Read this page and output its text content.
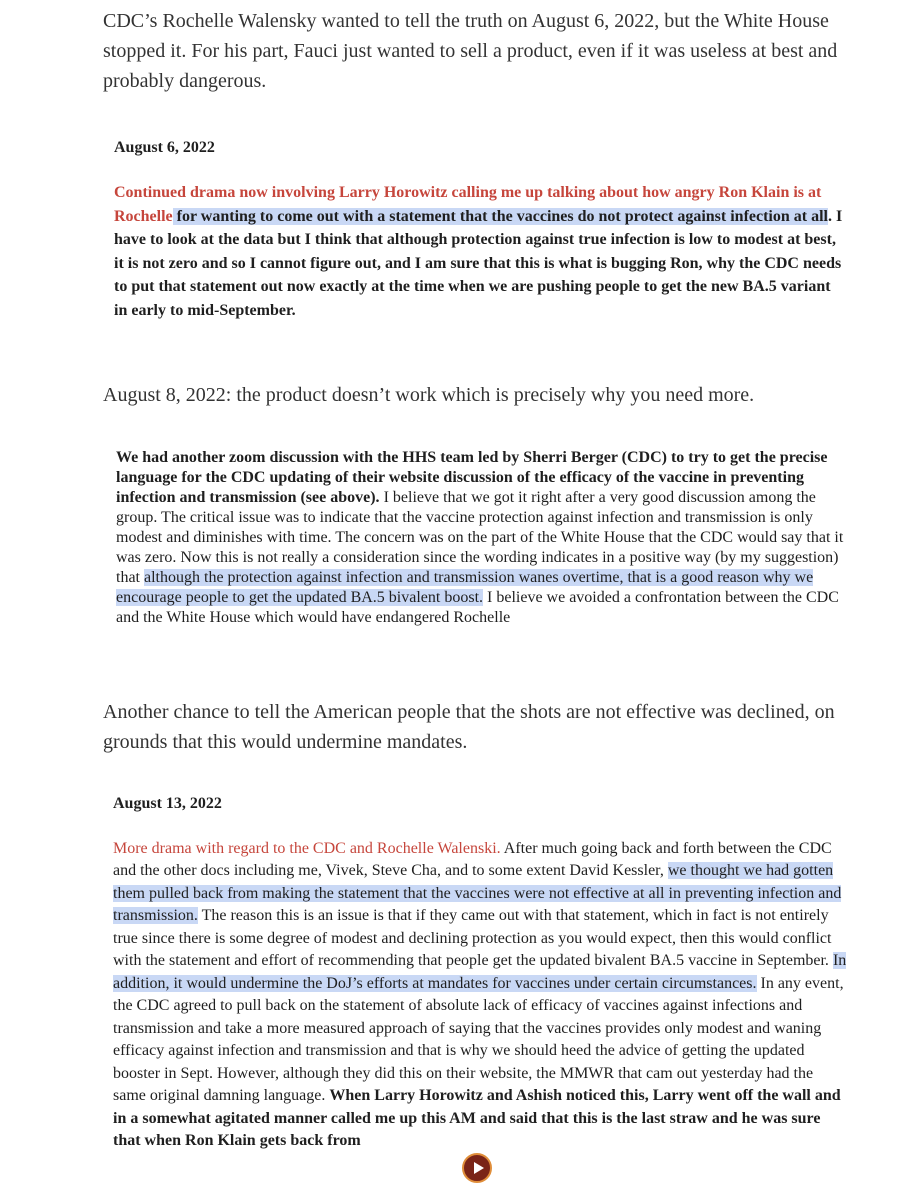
CDC’s Rochelle Walensky wanted to tell the truth on August 6, 2022, but the White House stopped it. For his part, Fauci just wanted to sell a product, even if it was useless at best and probably dangerous.

August 6, 2022

Continued drama now involving Larry Horowitz calling me up talking about how angry Ron Klain is at Rochelle for wanting to come out with a statement that the vaccines do not protect against infection at all. I have to look at the data but I think that although protection against true infection is low to modest at best, it is not zero and so I cannot figure out, and I am sure that this is what is bugging Ron, why the CDC needs to put that statement out now exactly at the time when we are pushing people to get the new BA.5 variant in early to mid-September.

August 8, 2022: the product doesn’t work which is precisely why you need more.

We had another zoom discussion with the HHS team led by Sherri Berger (CDC) to try to get the precise language for the CDC updating of their website discussion of the efficacy of the vaccine in preventing infection and transmission (see above). I believe that we got it right after a very good discussion among the group. The critical issue was to indicate that the vaccine protection against infection and transmission is only modest and diminishes with time. The concern was on the part of the White House that the CDC would say that it was zero. Now this is not really a consideration since the wording indicates in a positive way (by my suggestion) that although the protection against infection and transmission wanes overtime, that is a good reason why we encourage people to get the updated BA.5 bivalent boost. I believe we avoided a confrontation between the CDC and the White House which would have endangered Rochelle

Another chance to tell the American people that the shots are not effective was declined, on grounds that this would undermine mandates.

August 13, 2022

More drama with regard to the CDC and Rochelle Walenski. After much going back and forth between the CDC and the other docs including me, Vivek, Steve Cha, and to some extent David Kessler, we thought we had gotten them pulled back from making the statement that the vaccines were not effective at all in preventing infection and transmission. The reason this is an issue is that if they came out with that statement, which in fact is not entirely true since there is some degree of modest and declining protection as you would expect, then this would conflict with the statement and effort of recommending that people get the updated bivalent BA.5 vaccine in September. In addition, it would undermine the DoJ’s efforts at mandates for vaccines under certain circumstances. In any event, the CDC agreed to pull back on the statement of absolute lack of efficacy of vaccines against infections and transmission and take a more measured approach of saying that the vaccines provides only modest and waning efficacy against infection and transmission and that is why we should heed the advice of getting the updated booster in Sept. However, although they did this on their website, the MMWR that cam out yesterday had the same original damning language. When Larry Horowitz and Ashish noticed this, Larry went off the wall and in a somewhat agitated manner called me up this AM and said that this is the last straw and he was sure that when Ron Klain gets back from
